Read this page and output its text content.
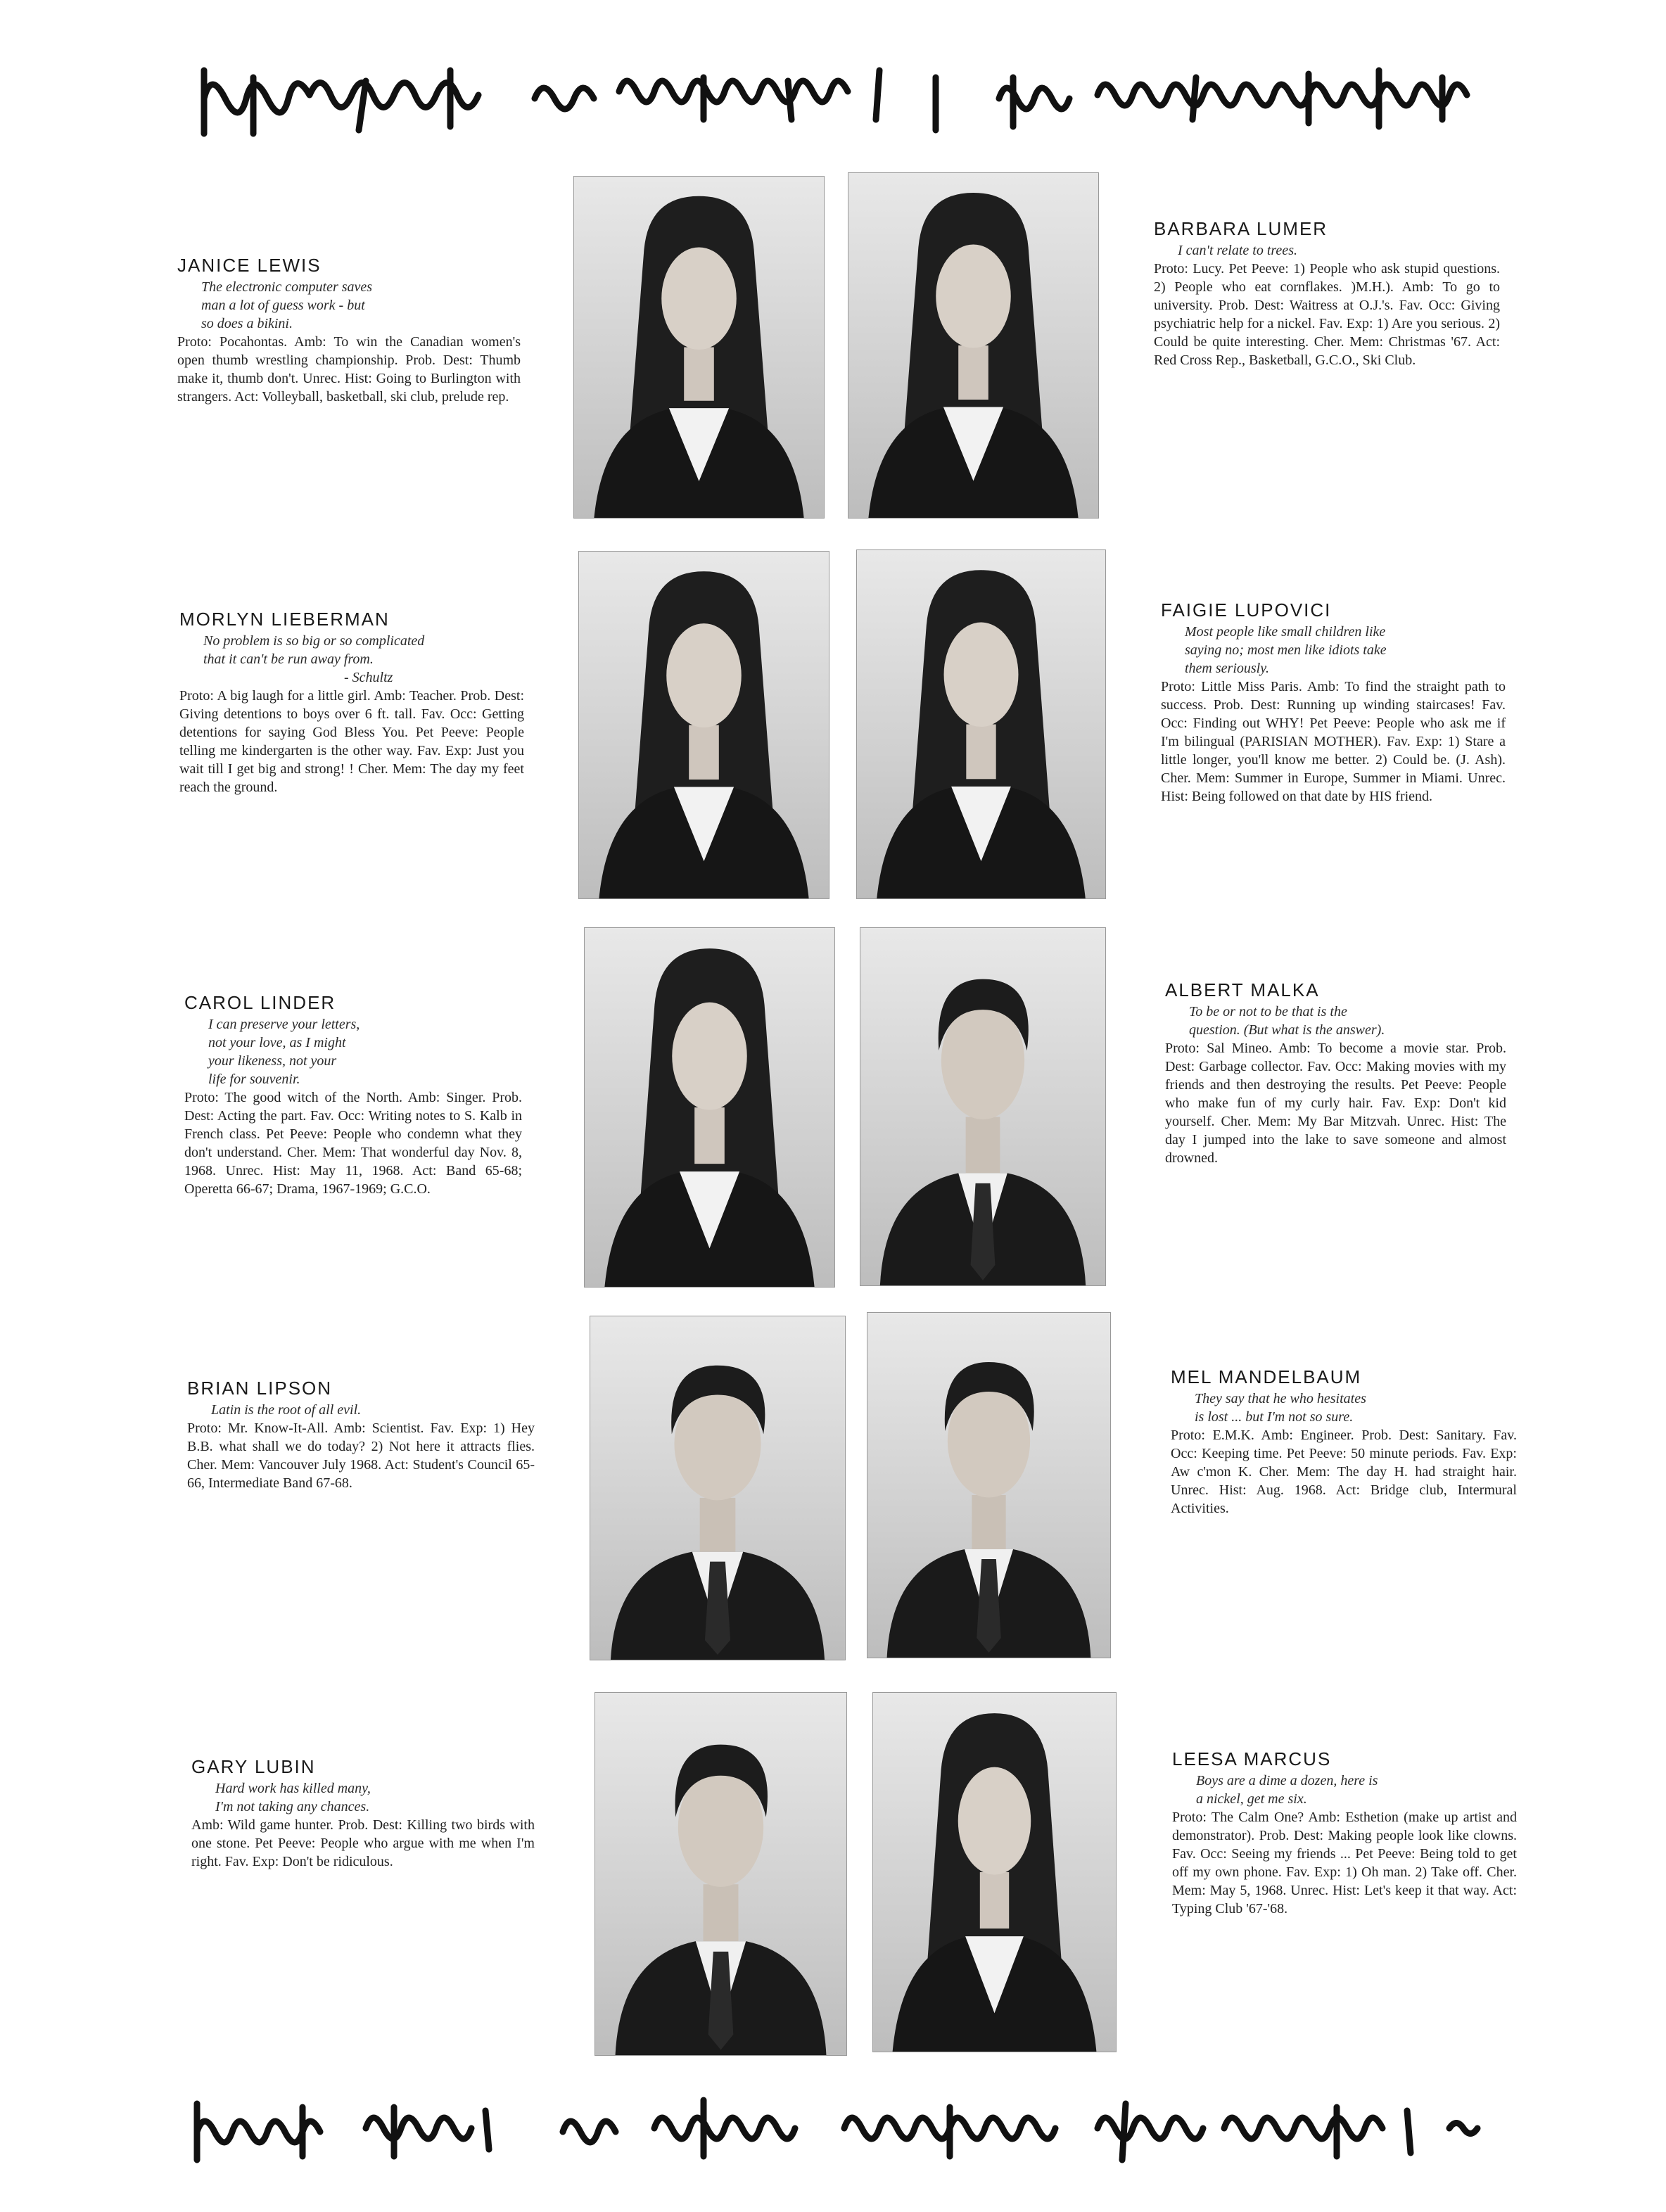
JANICE LEWIS
The electronic computer saves
man a lot of guess work - but
so does a bikini.

Proto: Pocahontas. Amb: To win the Canadian women's open thumb wrestling championship. Prob. Dest: Thumb make it, thumb don't. Unrec. Hist: Going to Burlington with strangers. Act: Volleyball, basketball, ski club, prelude rep.

MORLYN LIEBERMAN
No problem is so big or so complicated
that it can't be run away from.
- Schultz

Proto: A big laugh for a little girl. Amb: Teacher. Prob. Dest: Giving detentions to boys over 6 ft. tall. Fav. Occ: Getting detentions for saying God Bless You. Pet Peeve: People telling me kindergarten is the other way. Fav. Exp: Just you wait till I get big and strong! ! Cher. Mem: The day my feet reach the ground.

CAROL LINDER
I can preserve your letters,
not your love, as I might
your likeness, not your
life for souvenir.

Proto: The good witch of the North. Amb: Singer. Prob. Dest: Acting the part. Fav. Occ: Writing notes to S. Kalb in French class. Pet Peeve: People who condemn what they don't understand. Cher. Mem: That wonderful day Nov. 8, 1968. Unrec. Hist: May 11, 1968. Act: Band 65-68; Operetta 66-67; Drama, 1967-1969; G.C.O.

BRIAN LIPSON
Latin is the root of all evil.

Proto: Mr. Know-It-All. Amb: Scientist. Fav. Exp: 1) Hey B.B. what shall we do today? 2) Not here it attracts flies. Cher. Mem: Vancouver July 1968. Act: Student's Council 65-66, Intermediate Band 67-68.

GARY LUBIN
Hard work has killed many,
I'm not taking any chances.

Amb: Wild game hunter. Prob. Dest: Killing two birds with one stone. Pet Peeve: People who argue with me when I'm right. Fav. Exp: Don't be ridiculous.

BARBARA LUMER
I can't relate to trees.

Proto: Lucy. Pet Peeve: 1) People who ask stupid questions. 2) People who eat cornflakes. )M.H.). Amb: To go to university. Prob. Dest: Waitress at O.J.'s. Fav. Occ: Giving psychiatric help for a nickel. Fav. Exp: 1) Are you serious. 2) Could be quite interesting. Cher. Mem: Christmas '67. Act: Red Cross Rep., Basketball, G.C.O., Ski Club.

FAIGIE LUPOVICI
Most people like small children like
saying no; most men like idiots take
them seriously.

Proto: Little Miss Paris. Amb: To find the straight path to success. Prob. Dest: Running up winding staircases! Fav. Occ: Finding out WHY! Pet Peeve: People who ask me if I'm bilingual (PARISIAN MOTHER). Fav. Exp: 1) Stare a little longer, you'll know me better. 2) Could be. (J. Ash). Cher. Mem: Summer in Europe, Summer in Miami. Unrec. Hist: Being followed on that date by HIS friend.

ALBERT MALKA
To be or not to be that is the
question. (But what is the answer).

Proto: Sal Mineo. Amb: To become a movie star. Prob. Dest: Garbage collector. Fav. Occ: Making movies with my friends and then destroying the results. Pet Peeve: People who make fun of my curly hair. Fav. Exp: Don't kid yourself. Cher. Mem: My Bar Mitzvah. Unrec. Hist: The day I jumped into the lake to save someone and almost drowned.

MEL MANDELBAUM
They say that he who hesitates
is lost ... but I'm not so sure.

Proto: E.M.K. Amb: Engineer. Prob. Dest: Sanitary. Fav. Occ: Keeping time. Pet Peeve: 50 minute periods. Fav. Exp: Aw c'mon K. Cher. Mem: The day H. had straight hair. Unrec. Hist: Aug. 1968. Act: Bridge club, Intermural Activities.

LEESA MARCUS
Boys are a dime a dozen, here is
a nickel, get me six.

Proto: The Calm One? Amb: Esthetion (make up artist and demonstrator). Prob. Dest: Making people look like clowns. Fav. Occ: Seeing my friends ... Pet Peeve: Being told to get off my own phone. Fav. Exp: 1) Oh man. 2) Take off. Cher. Mem: May 5, 1968. Unrec. Hist: Let's keep it that way. Act: Typing Club '67-'68.
